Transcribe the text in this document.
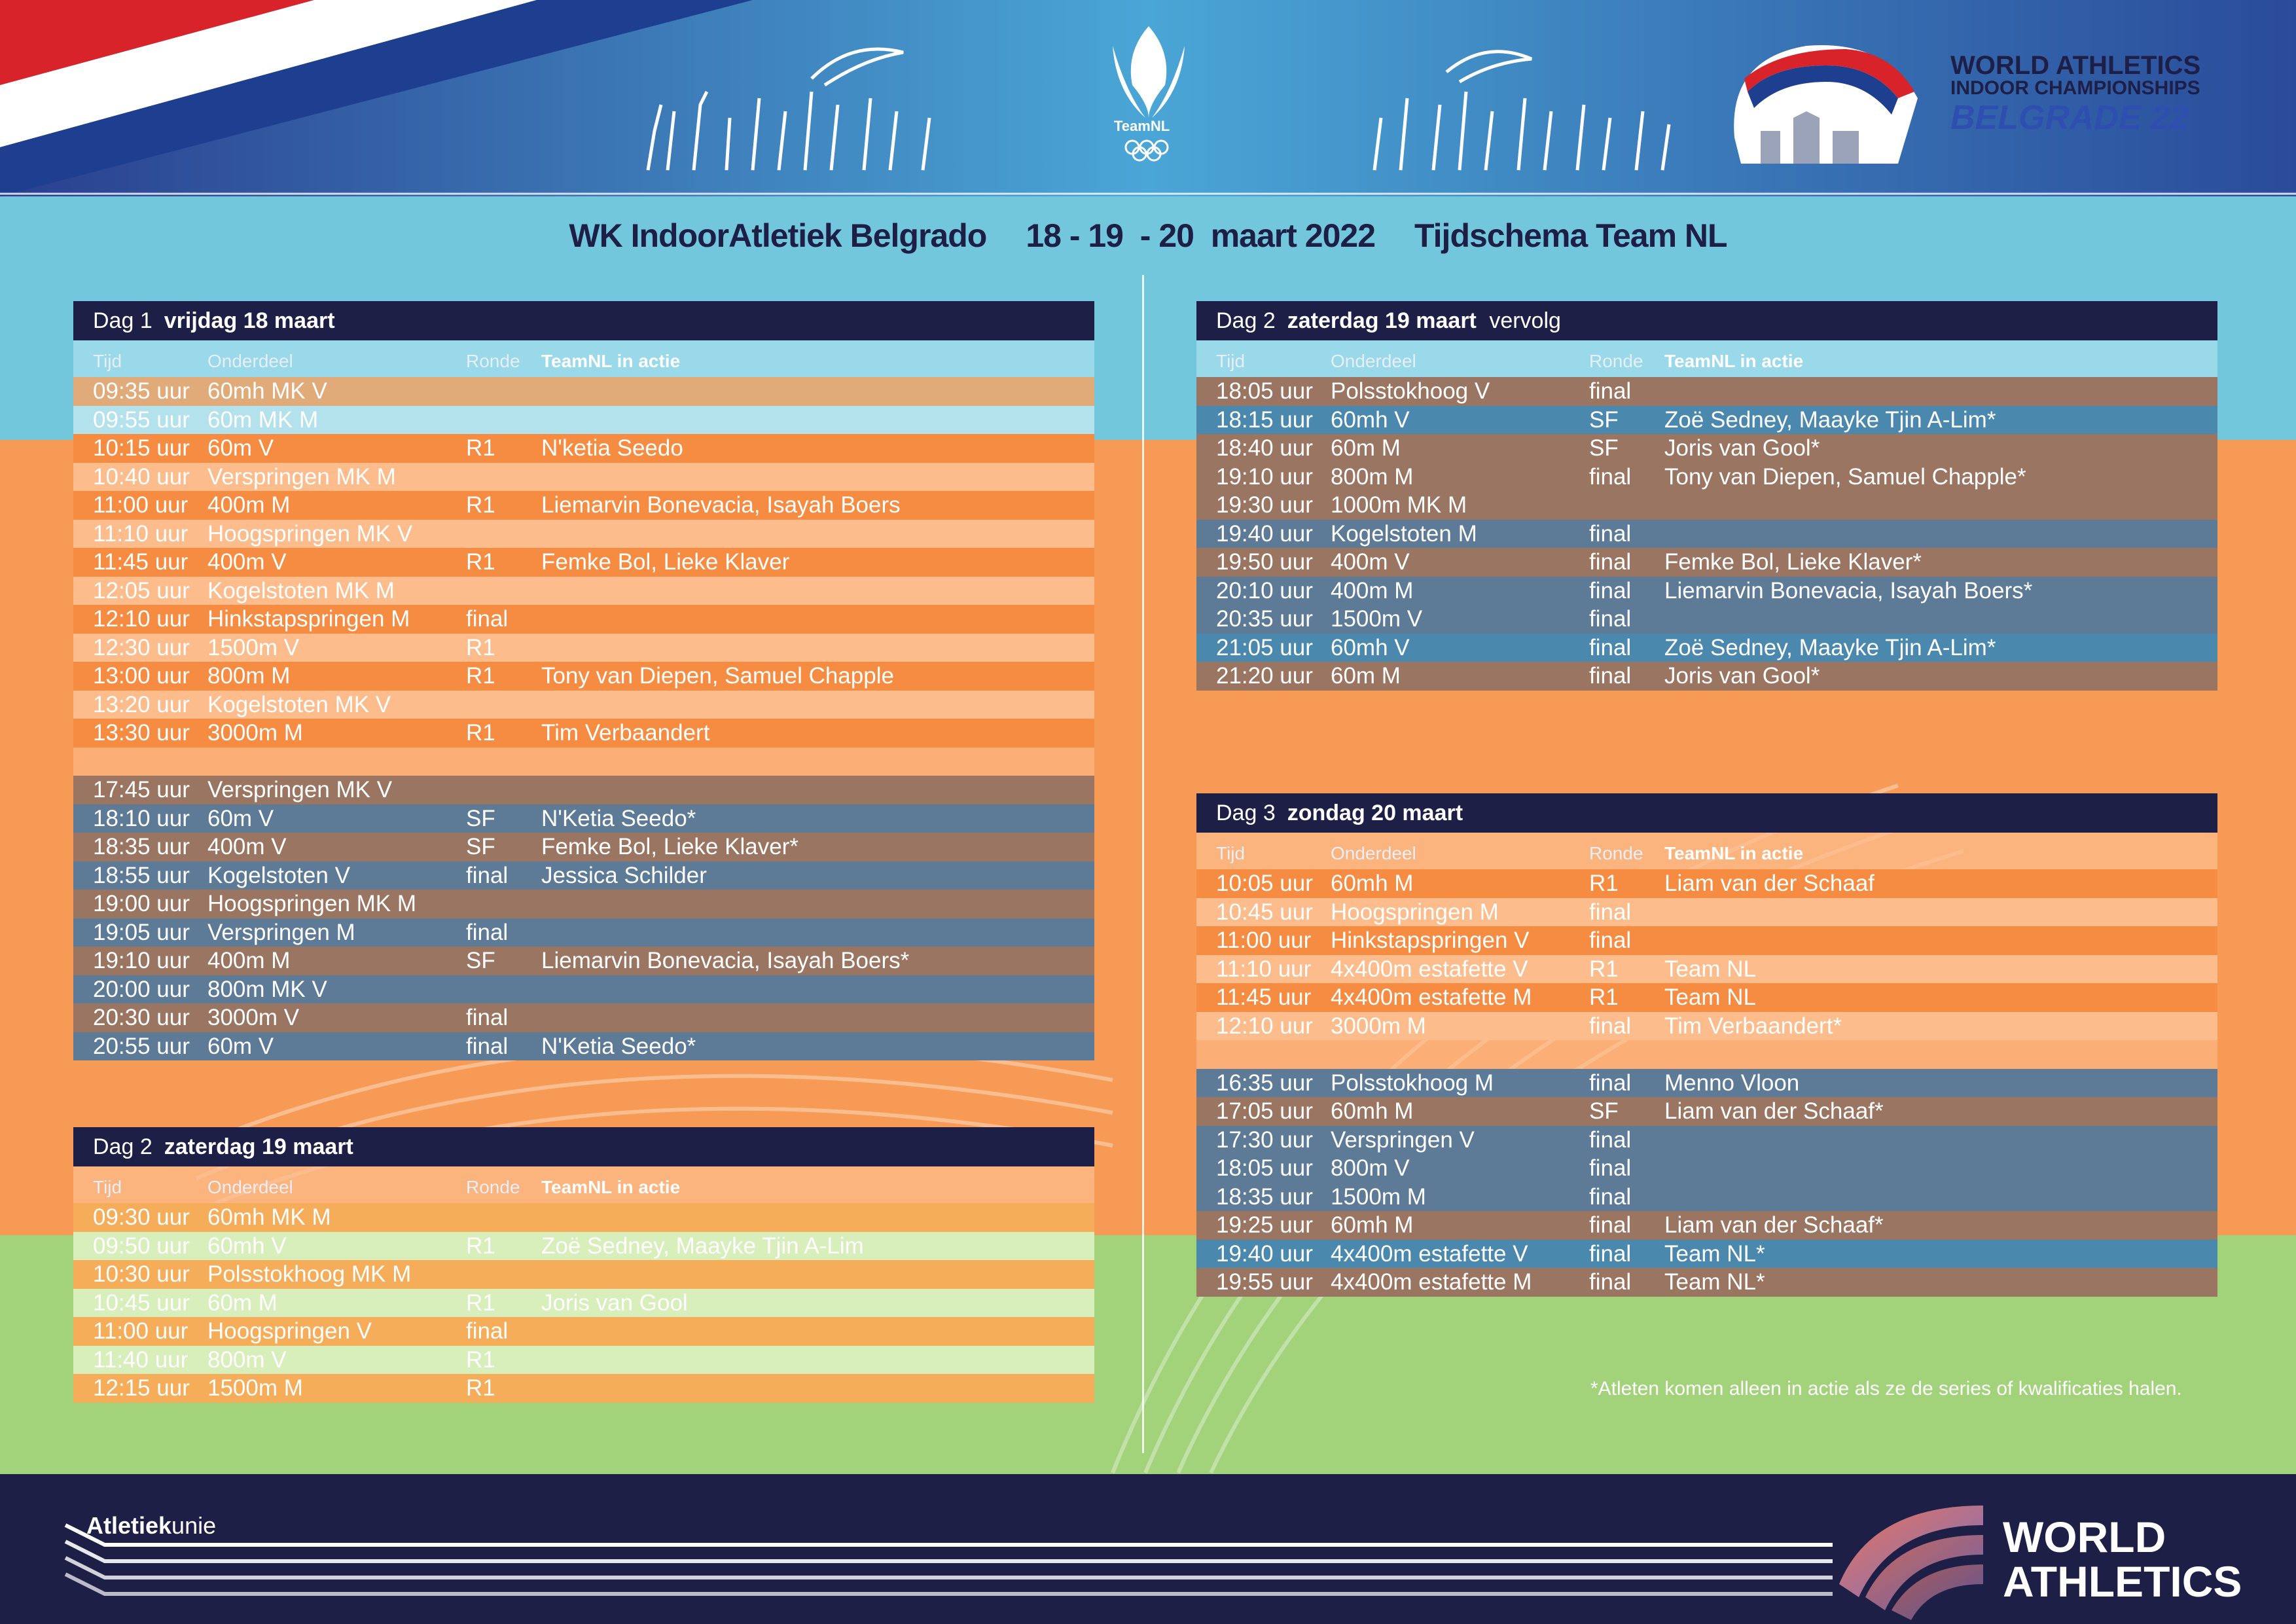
WORLD ATHLETICS
INDOOR CHAMPIONSHIPS
BELGRADE 22
TeamNL
WK IndoorAtletiek Belgrado 18 - 19  - 20  maart 2022 Tijdschema Team NL
Dag 1 vrijdag 18 maart
Tijd	Onderdeel	Ronde TeamNL in actie
09:35 uur 60mh MK V
09:55 uur 60m MK M
10:15 uur 60m V	R1 N'ketia Seedo
10:40 uur Verspringen MK M
11:00 uur 400m M	R1 Liemarvin Bonevacia, Isayah Boers
11:10 uur Hoogspringen MK V
11:45 uur 400m V	R1 Femke Bol, Lieke Klaver
12:05 uur Kogelstoten MK M
12:10 uur Hinkstapspringen M final
12:30 uur 1500m V	R1
13:00 uur 800m M	R1 Tony van Diepen, Samuel Chapple
13:20 uur Kogelstoten MK V
13:30 uur 3000m M	R1 Tim Verbaandert
17:45 uur Verspringen MK V
18:10 uur 60m V	SF N'Ketia Seedo*
18:35 uur 400m V	SF Femke Bol, Lieke Klaver*
18:55 uur Kogelstoten V	final Jessica Schilder
19:00 uur Hoogspringen MK M
19:05 uur Verspringen M	final
19:10 uur 400m M	SF Liemarvin Bonevacia, Isayah Boers*
20:00 uur 800m MK V
20:30 uur 3000m V	final
20:55 uur 60m V	final N'Ketia Seedo*
Dag 2 zaterdag 19 maart
Tijd	Onderdeel	Ronde TeamNL in actie
09:30 uur 60mh MK M
09:50 uur 60mh V	R1 Zoë Sedney, Maayke Tjin A-Lim
10:30 uur Polsstokhoog MK M
10:45 uur 60m M	R1 Joris van Gool
11:00 uur Hoogspringen V	final
11:40 uur 800m V	R1
12:15 uur 1500m M	R1
Dag 2 zaterdag 19 maart vervolg
Tijd	Onderdeel	Ronde TeamNL in actie
18:05 uur Polsstokhoog V	final
18:15 uur 60mh V	SF Zoë Sedney, Maayke Tjin A-Lim*
18:40 uur 60m M	SF Joris van Gool*
19:10 uur 800m M	final Tony van Diepen, Samuel Chapple*
19:30 uur 1000m MK M
19:40 uur Kogelstoten M	final
19:50 uur 400m V	final Femke Bol, Lieke Klaver*
20:10 uur 400m M	final Liemarvin Bonevacia, Isayah Boers*
20:35 uur 1500m V	final
21:05 uur 60mh V	final Zoë Sedney, Maayke Tjin A-Lim*
21:20 uur 60m M	final Joris van Gool*
Dag 3 zondag 20 maart
Tijd	Onderdeel	Ronde TeamNL in actie
10:05 uur 60mh M	R1 Liam van der Schaaf
10:45 uur Hoogspringen M	final
11:00 uur Hinkstapspringen V	final
11:10 uur 4x400m estafette V	R1 Team NL
11:45 uur 4x400m estafette M	R1 Team NL
12:10 uur 3000m M	final Tim Verbaandert*
16:35 uur Polsstokhoog M	final Menno Vloon
17:05 uur 60mh M	SF Liam van der Schaaf*
17:30 uur Verspringen V	final
18:05 uur 800m V	final
18:35 uur 1500m M	final
19:25 uur 60mh M	final Liam van der Schaaf*
19:40 uur 4x400m estafette V	final Team NL*
19:55 uur 4x400m estafette M	final Team NL*
*Atleten komen alleen in actie als ze de series of kwalificaties halen.
Atletiekunie	WORLD
ATHLETICS
